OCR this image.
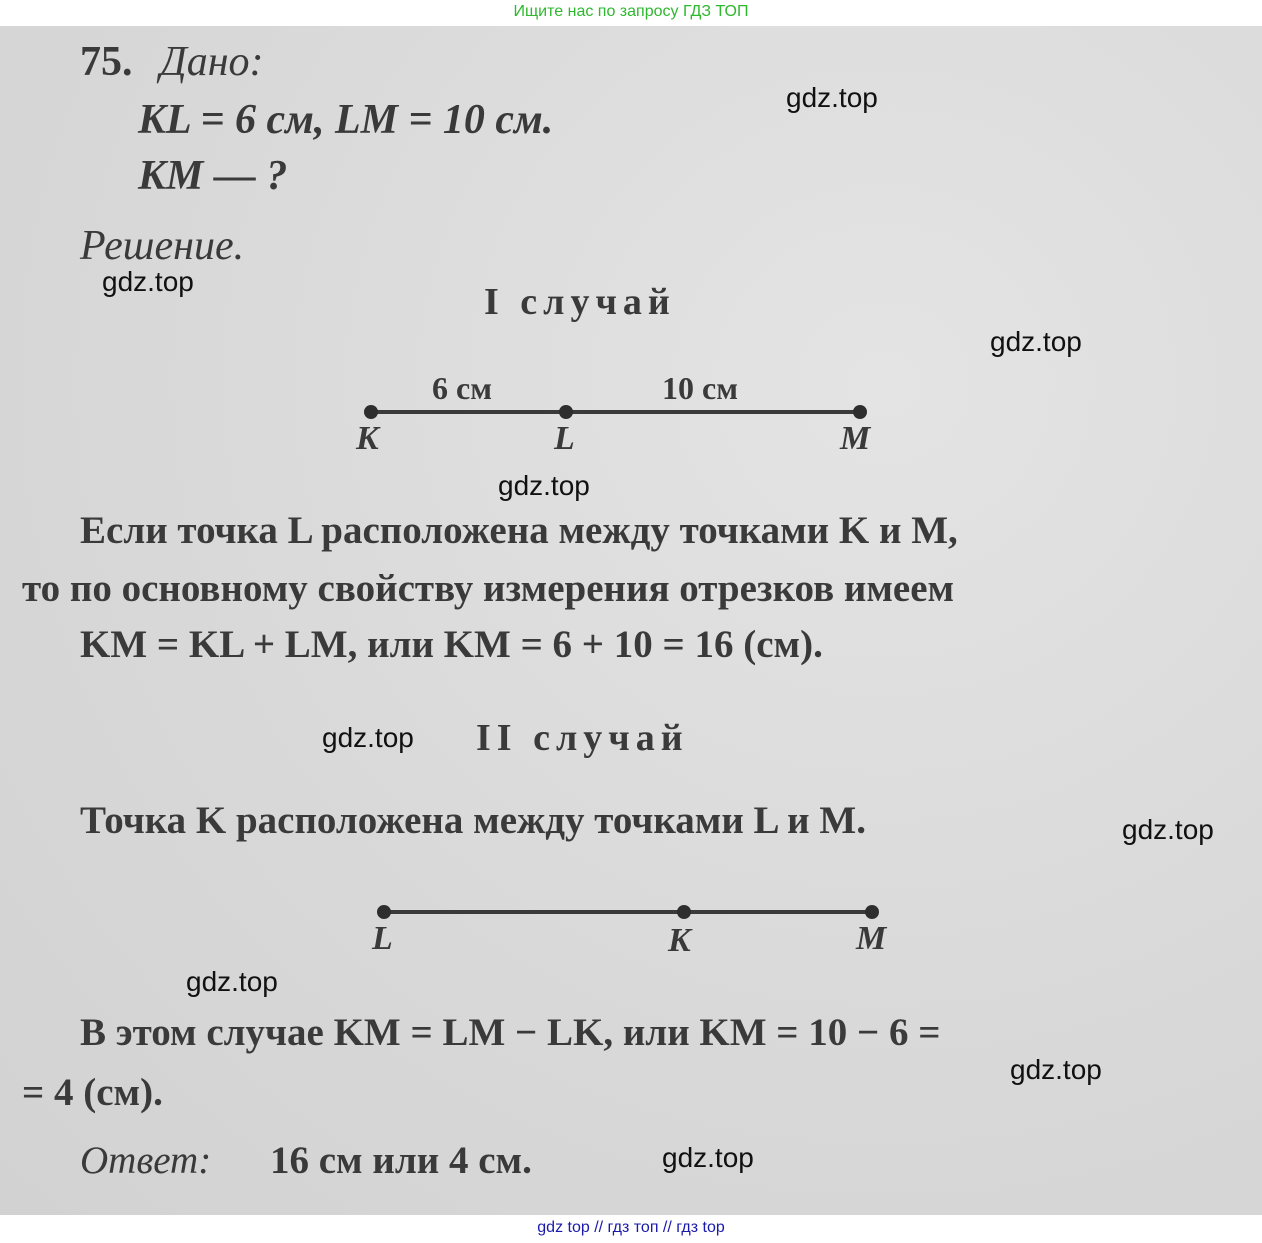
Ищите нас по запросу ГДЗ ТОП
75. Дано:
KL = 6 см, LM = 10 см.
KM — ?
Решение.
I случай
6 см	10 см
K	L	M
Если точка L расположена между точками K и M,
то по основному свойству измерения отрезков имеем
KM = KL + LM, или KM = 6 + 10 = 16 (см).
II случай
Точка K расположена между точками L и M.
L	K	M
В этом случае KM = LM − LK, или KM = 10 − 6 =
= 4 (см).
Ответ: 16 см или 4 см.
gdz.top
gdz.top
gdz.top
gdz.top
gdz.top
gdz.top
gdz.top
gdz.top
gdz.top
gdz top // гдз топ // гдз top
